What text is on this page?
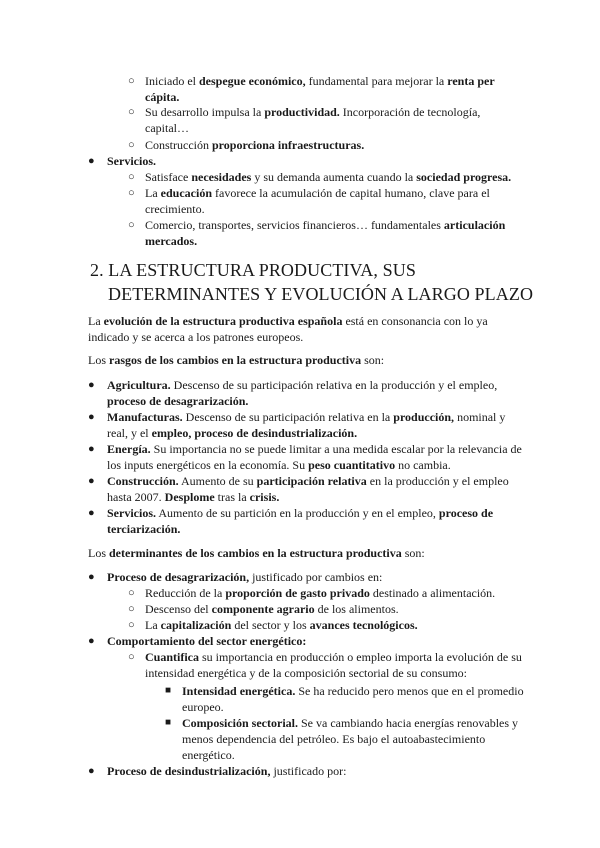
○ Iniciado el despegue económico, fundamental para mejorar la renta per
cápita.
○ Su desarrollo impulsa la productividad. Incorporación de tecnología,
capital…
○ Construcción proporciona infraestructuras.
● Servicios.
○ Satisface necesidades y su demanda aumenta cuando la sociedad progresa.
○ La educación favorece la acumulación de capital humano, clave para el
crecimiento.
○ Comercio, transportes, servicios financieros… fundamentales articulación
mercados.
2. LA ESTRUCTURA PRODUCTIVA, SUS
DETERMINANTES Y EVOLUCIÓN A LARGO PLAZO
La evolución de la estructura productiva española está en consonancia con lo ya
indicado y se acerca a los patrones europeos.
Los rasgos de los cambios en la estructura productiva son:
● Agricultura. Descenso de su participación relativa en la producción y el empleo,
proceso de desagrarización.
● Manufacturas. Descenso de su participación relativa en la producción, nominal y
real, y el empleo, proceso de desindustrialización.
● Energía. Su importancia no se puede limitar a una medida escalar por la relevancia de
los inputs energéticos en la economía. Su peso cuantitativo no cambia.
● Construcción. Aumento de su participación relativa en la producción y el empleo
hasta 2007. Desplome tras la crisis.
● Servicios. Aumento de su partición en la producción y en el empleo, proceso de
terciarización.
Los determinantes de los cambios en la estructura productiva son:
● Proceso de desagrarización, justificado por cambios en:
○ Reducción de la proporción de gasto privado destinado a alimentación.
○ Descenso del componente agrario de los alimentos.
○ La capitalización del sector y los avances tecnológicos.
● Comportamiento del sector energético:
○ Cuantifica su importancia en producción o empleo importa la evolución de su
intensidad energética y de la composición sectorial de su consumo:
■ Intensidad energética. Se ha reducido pero menos que en el promedio
europeo.
■ Composición sectorial. Se va cambiando hacia energías renovables y
menos dependencia del petróleo. Es bajo el autoabastecimiento
energético.
● Proceso de desindustrialización, justificado por:
